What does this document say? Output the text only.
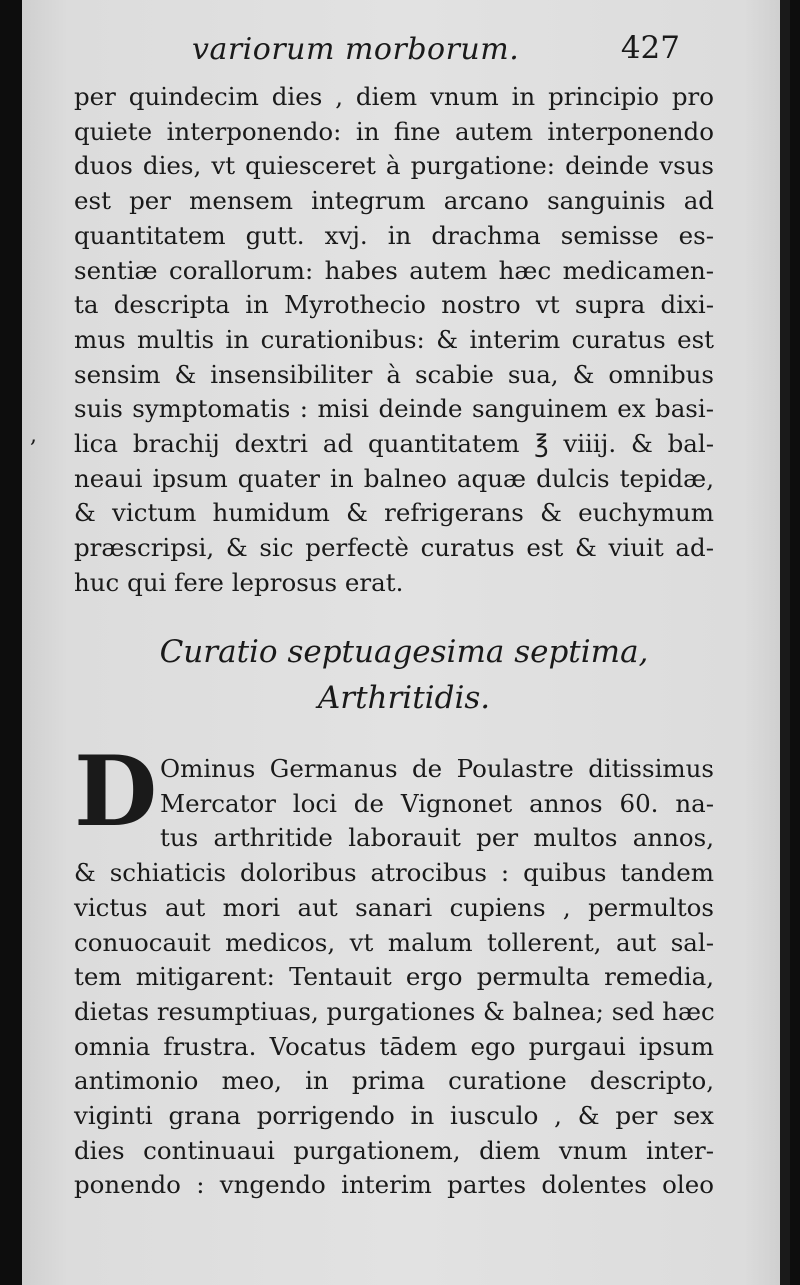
variorum morborum.	427
,
per quindecim dies , diem vnum in principio pro
quiete interponendo: in fine autem interponendo
duos dies, vt quiesceret à purgatione: deinde vsus
est per mensem integrum arcano sanguinis ad
quantitatem gutt. xvj. in drachma semisse es-
sentiæ corallorum: habes autem hæc medicamen-
ta descripta in Myrothecio nostro vt supra dixi-
mus multis in curationibus: & interim curatus est
sensim & insensibiliter à scabie sua, & omnibus
suis symptomatis : misi deinde sanguinem ex basi-
lica brachij dextri ad quantitatem ℥ viiij. & bal-
neaui ipsum quater in balneo aquæ dulcis tepidæ,
& victum humidum & refrigerans & euchymum
præscripsi, & sic perfectè curatus est & viuit ad-
huc qui fere leprosus erat.
Curatio septuagesima septima,
Arthritidis.
D Ominus Germanus de Poulastre ditissimus
Mercator loci de Vignonet annos 60. na-
tus arthritide laborauit per multos annos,
& schiaticis doloribus atrocibus : quibus tandem
victus aut mori aut sanari cupiens , permultos
conuocauit medicos, vt malum tollerent, aut sal-
tem mitigarent: Tentauit ergo permulta remedia,
dietas resumptiuas, purgationes & balnea; sed hæc
omnia frustra. Vocatus tādem ego purgaui ipsum
antimonio meo, in prima curatione descripto,
viginti grana porrigendo in iusculo , & per sex
dies continuaui purgationem, diem vnum inter-
ponendo : vngendo interim partes dolentes oleo
